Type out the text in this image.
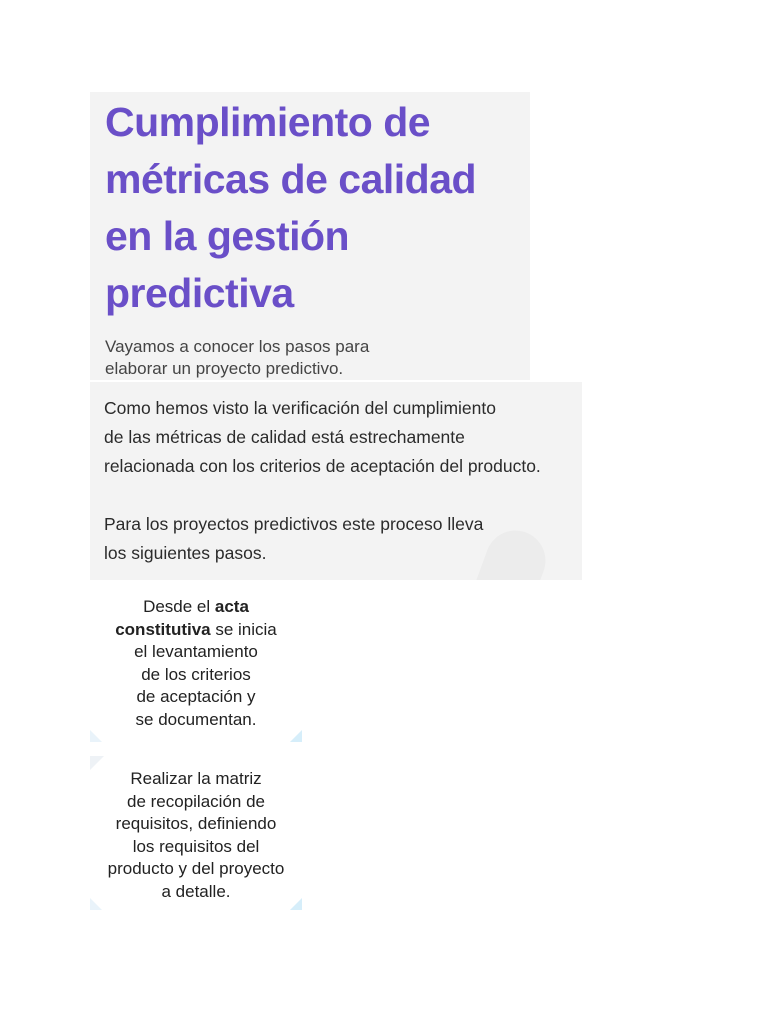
Cumplimiento de
métricas de calidad
en la gestión
predictiva

Vayamos a conocer los pasos para
elaborar un proyecto predictivo.

Como hemos visto la verificación del cumplimiento
de las métricas de calidad está estrechamente
relacionada con los criterios de aceptación del producto.

Para los proyectos predictivos este proceso lleva
los siguientes pasos.

Desde el acta
constitutiva se inicia
el levantamiento
de los criterios
de aceptación y
se documentan.

Realizar la matriz
de recopilación de
requisitos, definiendo
los requisitos del
producto y del proyecto
a detalle.
